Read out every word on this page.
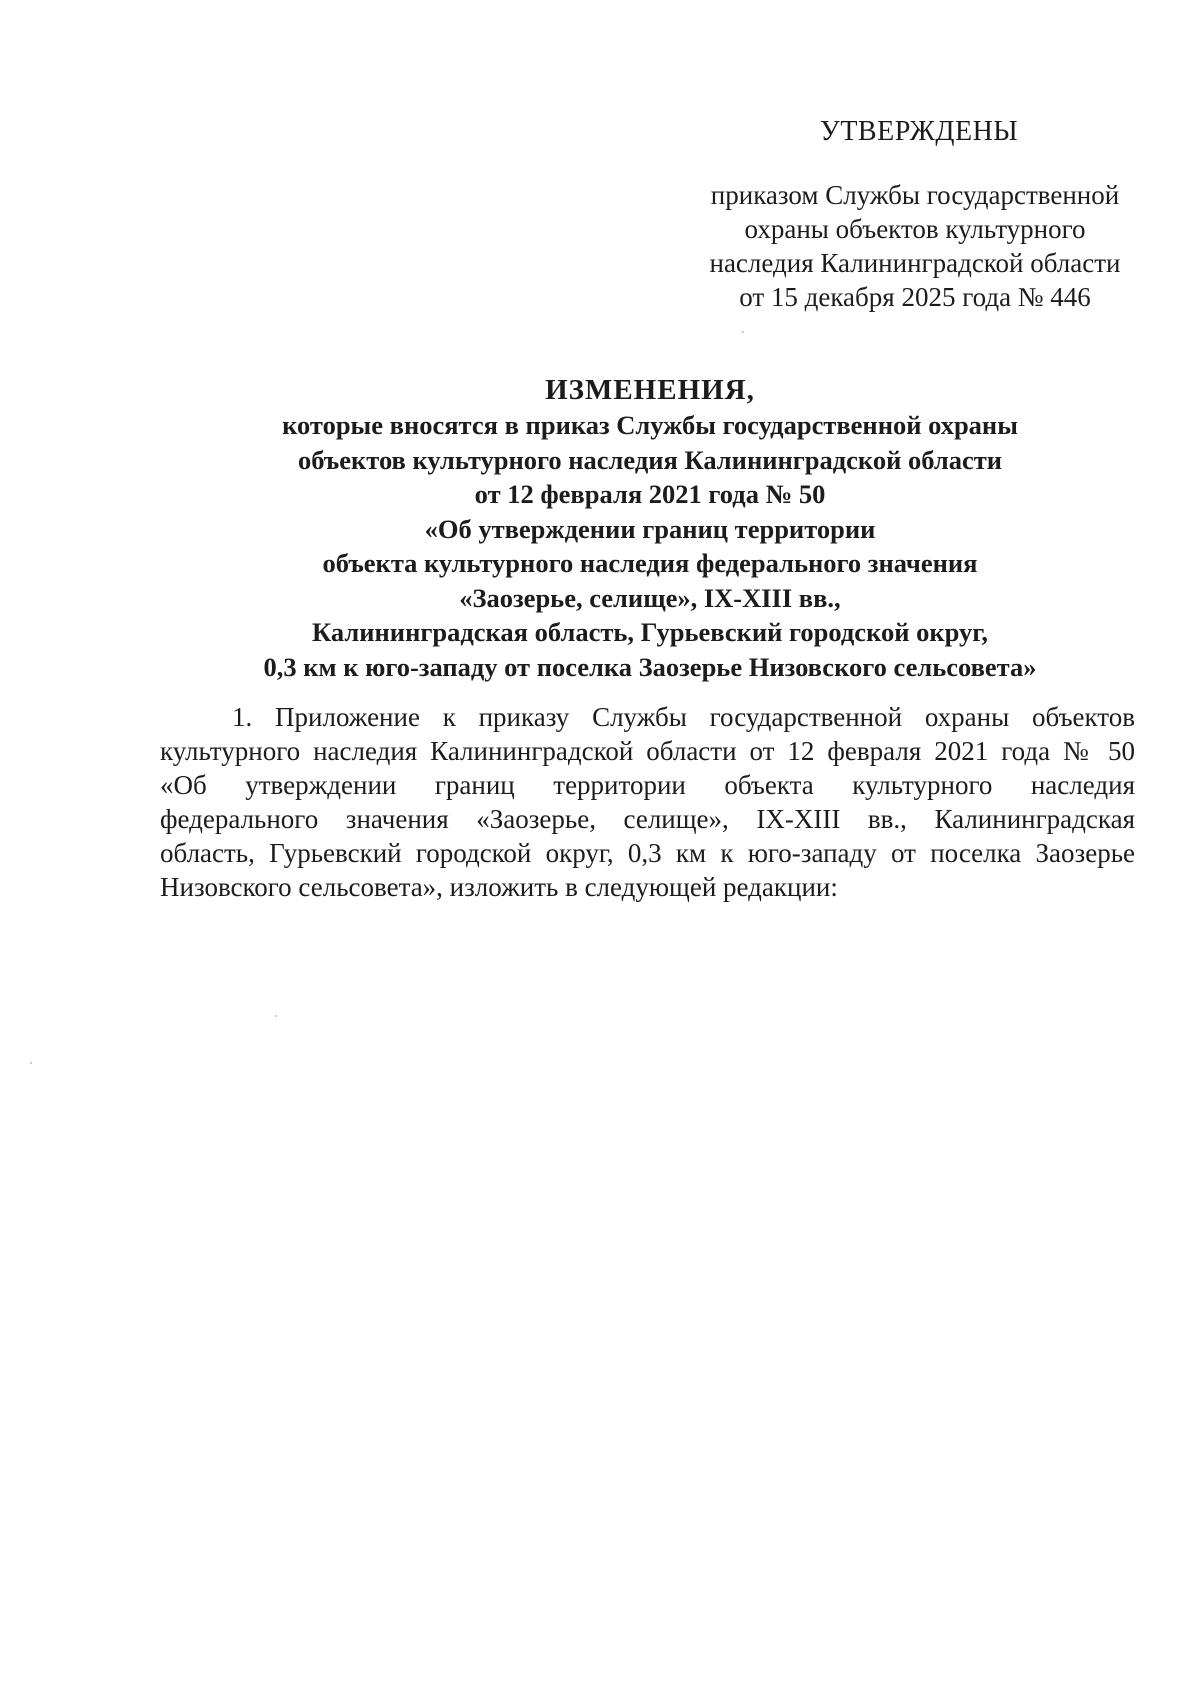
УТВЕРЖДЕНЫ
приказом Службы государственной
охраны объектов культурного
наследия Калининградской области
от 15 декабря 2025 года № 446
ИЗМЕНЕНИЯ,
которые вносятся в приказ Службы государственной охраны
объектов культурного наследия Калининградской области
от 12 февраля 2021 года № 50
«Об утверждении границ территории
объекта культурного наследия федерального значения
«Заозерье, селище», IX-XIII вв.,
Калининградская область, Гурьевский городской округ,
0,3 км к юго-западу от поселка Заозерье Низовского сельсовета»
1. Приложение к приказу Службы государственной охраны объектов
культурного наследия Калининградской области от 12 февраля 2021 года № 50
«Об утверждении границ территории объекта культурного наследия
федерального значения «Заозерье, селище», IX-XIII вв., Калининградская
область, Гурьевский городской округ, 0,3 км к юго-западу от поселка Заозерье
Низовского сельсовета», изложить в следующей редакции:
